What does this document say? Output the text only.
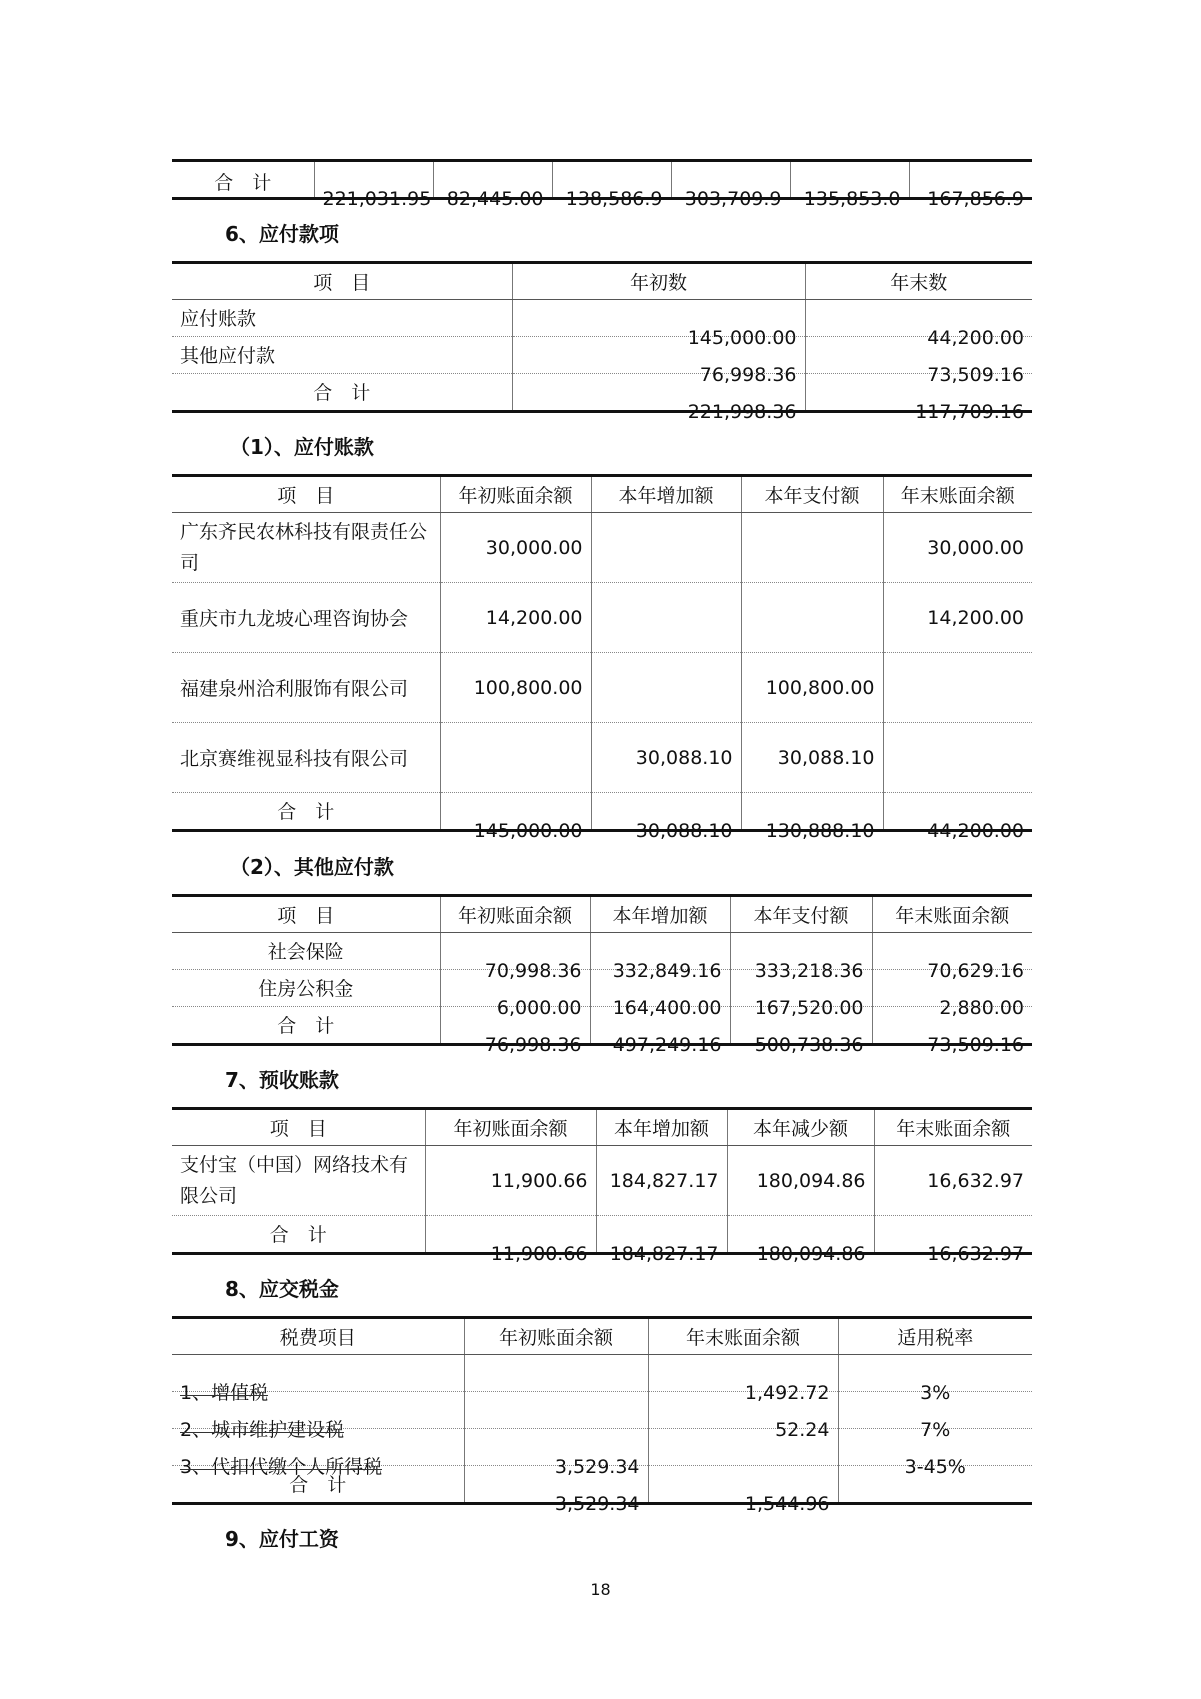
合　计	221,031.95	82,445.00	138,586.9	303,709.9	135,853.0	167,856.9
6、应付款项
项　目	年初数	年末数
应付账款	145,000.00	44,200.00
其他应付款	76,998.36	73,509.16
合　计	221,998.36	117,709.16
（1）、应付账款
项　目	年初账面余额	本年增加额	本年支付额	年末账面余额
广东齐民农林科技有限责任公司	30,000.00			30,000.00
重庆市九龙坡心理咨询协会	14,200.00			14,200.00
福建泉州洽利服饰有限公司	100,800.00		100,800.00	
北京赛维视显科技有限公司		30,088.10	30,088.10	
合　计	145,000.00	30,088.10	130,888.10	44,200.00
（2）、其他应付款
项　目	年初账面余额	本年增加额	本年支付额	年末账面余额
社会保险	70,998.36	332,849.16	333,218.36	70,629.16
住房公积金	6,000.00	164,400.00	167,520.00	2,880.00
合　计	76,998.36	497,249.16	500,738.36	73,509.16
7、预收账款
项　目	年初账面余额	本年增加额	本年减少额	年末账面余额
支付宝（中国）网络技术有限公司	11,900.66	184,827.17	180,094.86	16,632.97
合　计	11,900.66	184,827.17	180,094.86	16,632.97
8、应交税金
税费项目	年初账面余额	年末账面余额	适用税率
1、增值税		1,492.72	3%
2、城市维护建设税		52.24	7%
3、代扣代缴个人所得税	3,529.34		3-45%
合　计	3,529.34	1,544.96	
9、应付工资
18
